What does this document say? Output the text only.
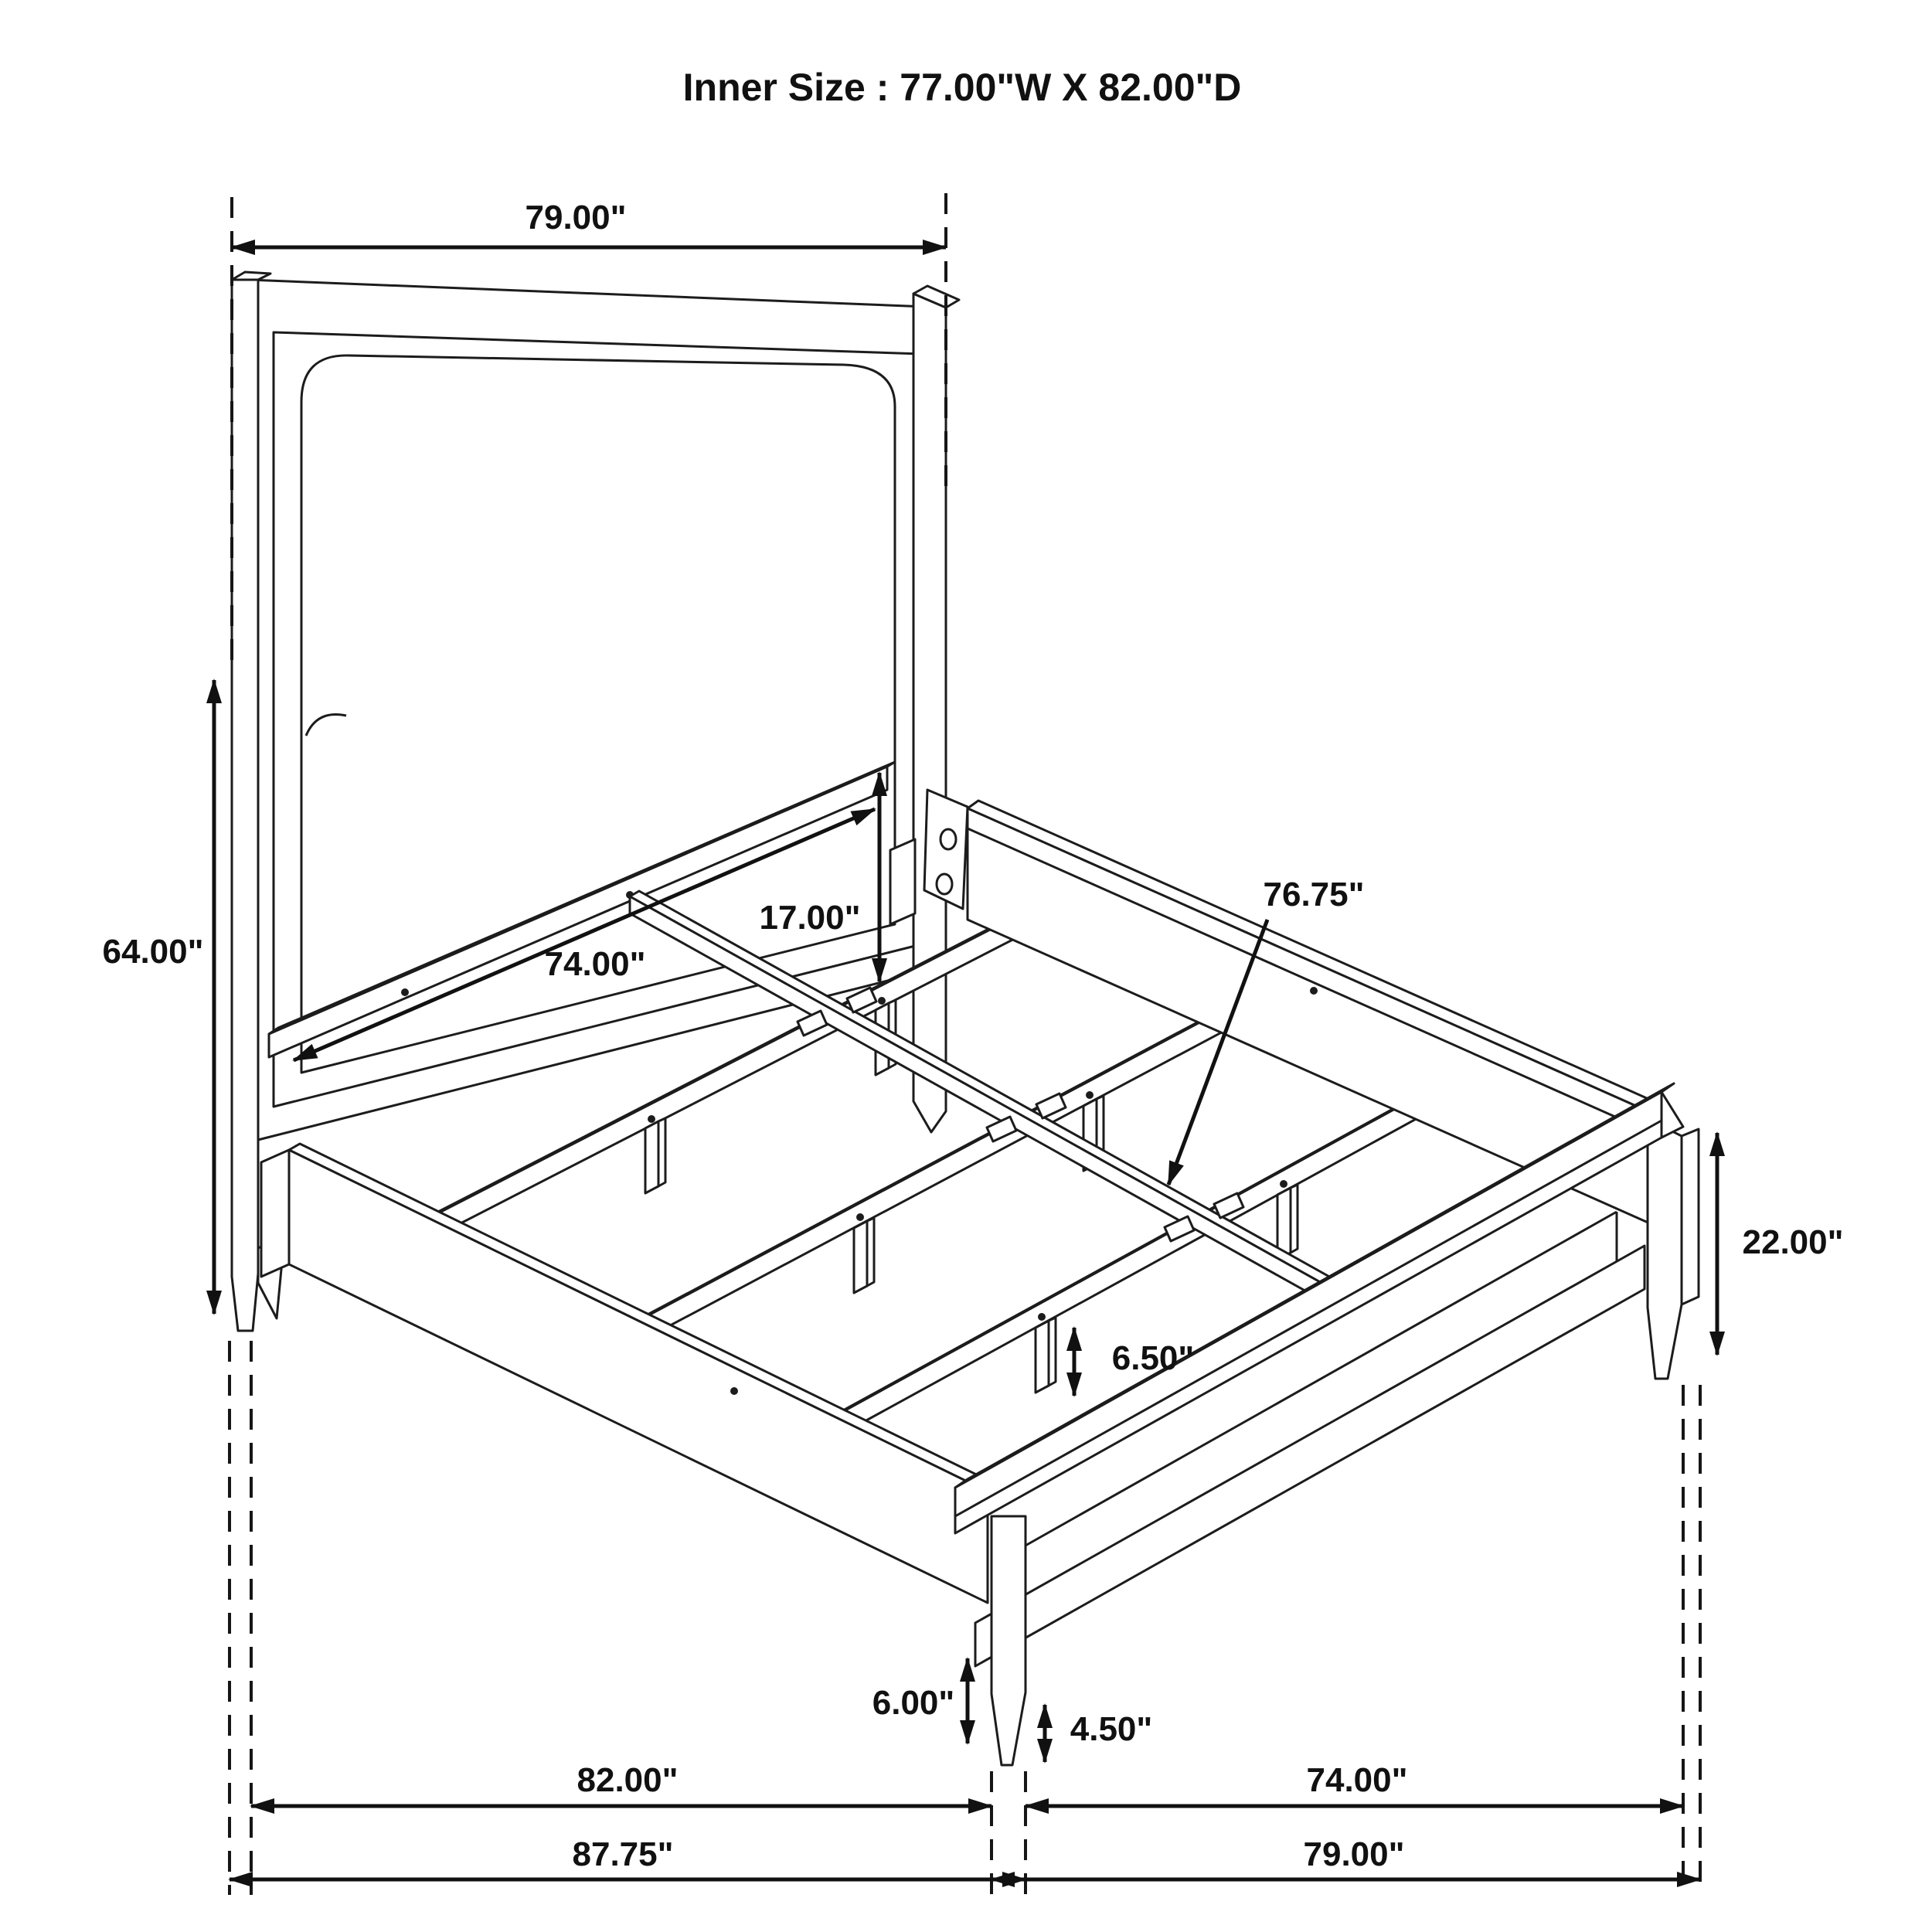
Inner Size : 77.00"W X 82.00"D
79.00"
64.00"	74.00"
17.00"
76.75"
22.00"
6.50"
6.00"
4.50"
82.00"	74.00"
87.75"	79.00"
